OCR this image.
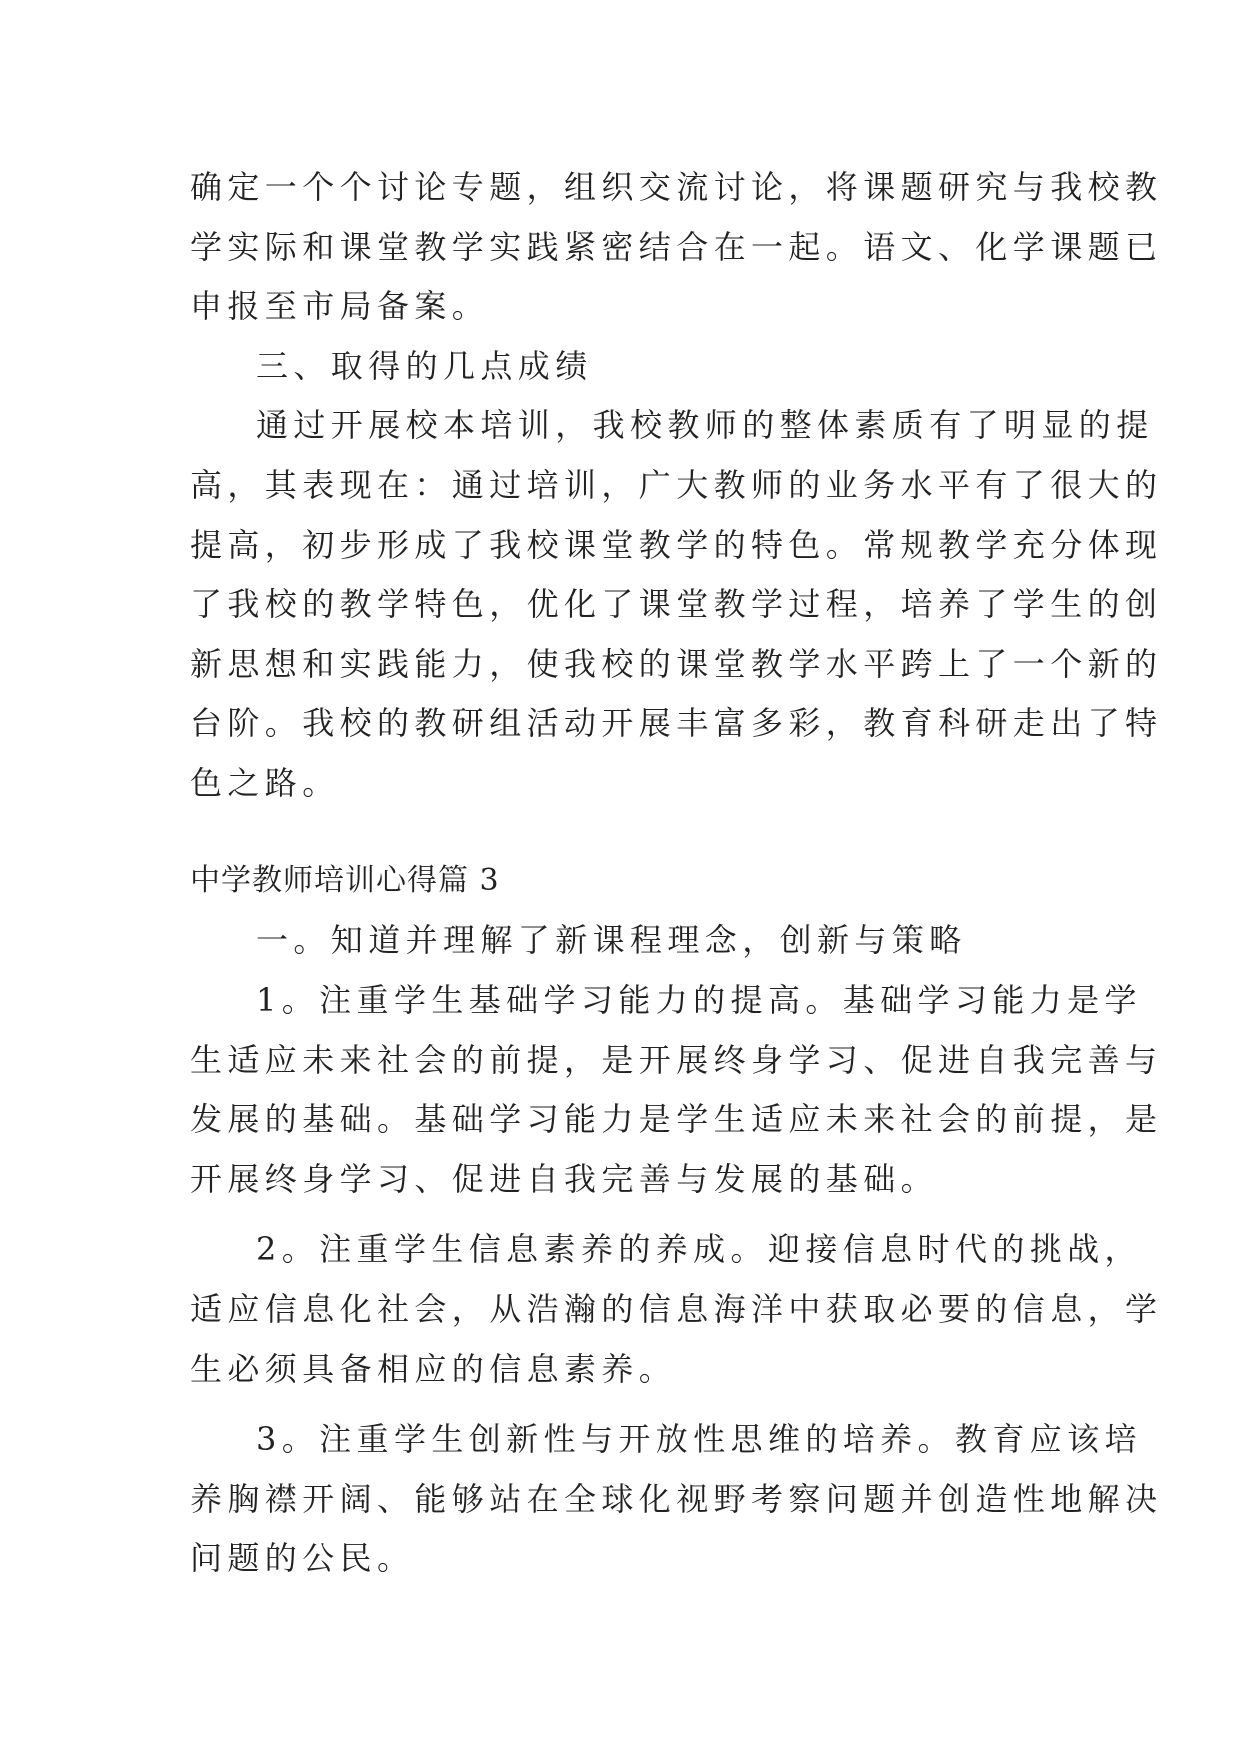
确定一个个讨论专题，组织交流讨论，将课题研究与我校教
学实际和课堂教学实践紧密结合在一起。语文、化学课题已
申报至市局备案。
三、取得的几点成绩
通过开展校本培训，我校教师的整体素质有了明显的提
高，其表现在：通过培训，广大教师的业务水平有了很大的
提高，初步形成了我校课堂教学的特色。常规教学充分体现
了我校的教学特色，优化了课堂教学过程，培养了学生的创
新思想和实践能力，使我校的课堂教学水平跨上了一个新的
台阶。我校的教研组活动开展丰富多彩，教育科研走出了特
色之路。
中学教师培训心得篇 3
一。知道并理解了新课程理念，创新与策略
1。注重学生基础学习能力的提高。基础学习能力是学
生适应未来社会的前提，是开展终身学习、促进自我完善与
发展的基础。基础学习能力是学生适应未来社会的前提，是
开展终身学习、促进自我完善与发展的基础。
2。注重学生信息素养的养成。迎接信息时代的挑战，
适应信息化社会，从浩瀚的信息海洋中获取必要的信息，学
生必须具备相应的信息素养。
3。注重学生创新性与开放性思维的培养。教育应该培
养胸襟开阔、能够站在全球化视野考察问题并创造性地解决
问题的公民。
